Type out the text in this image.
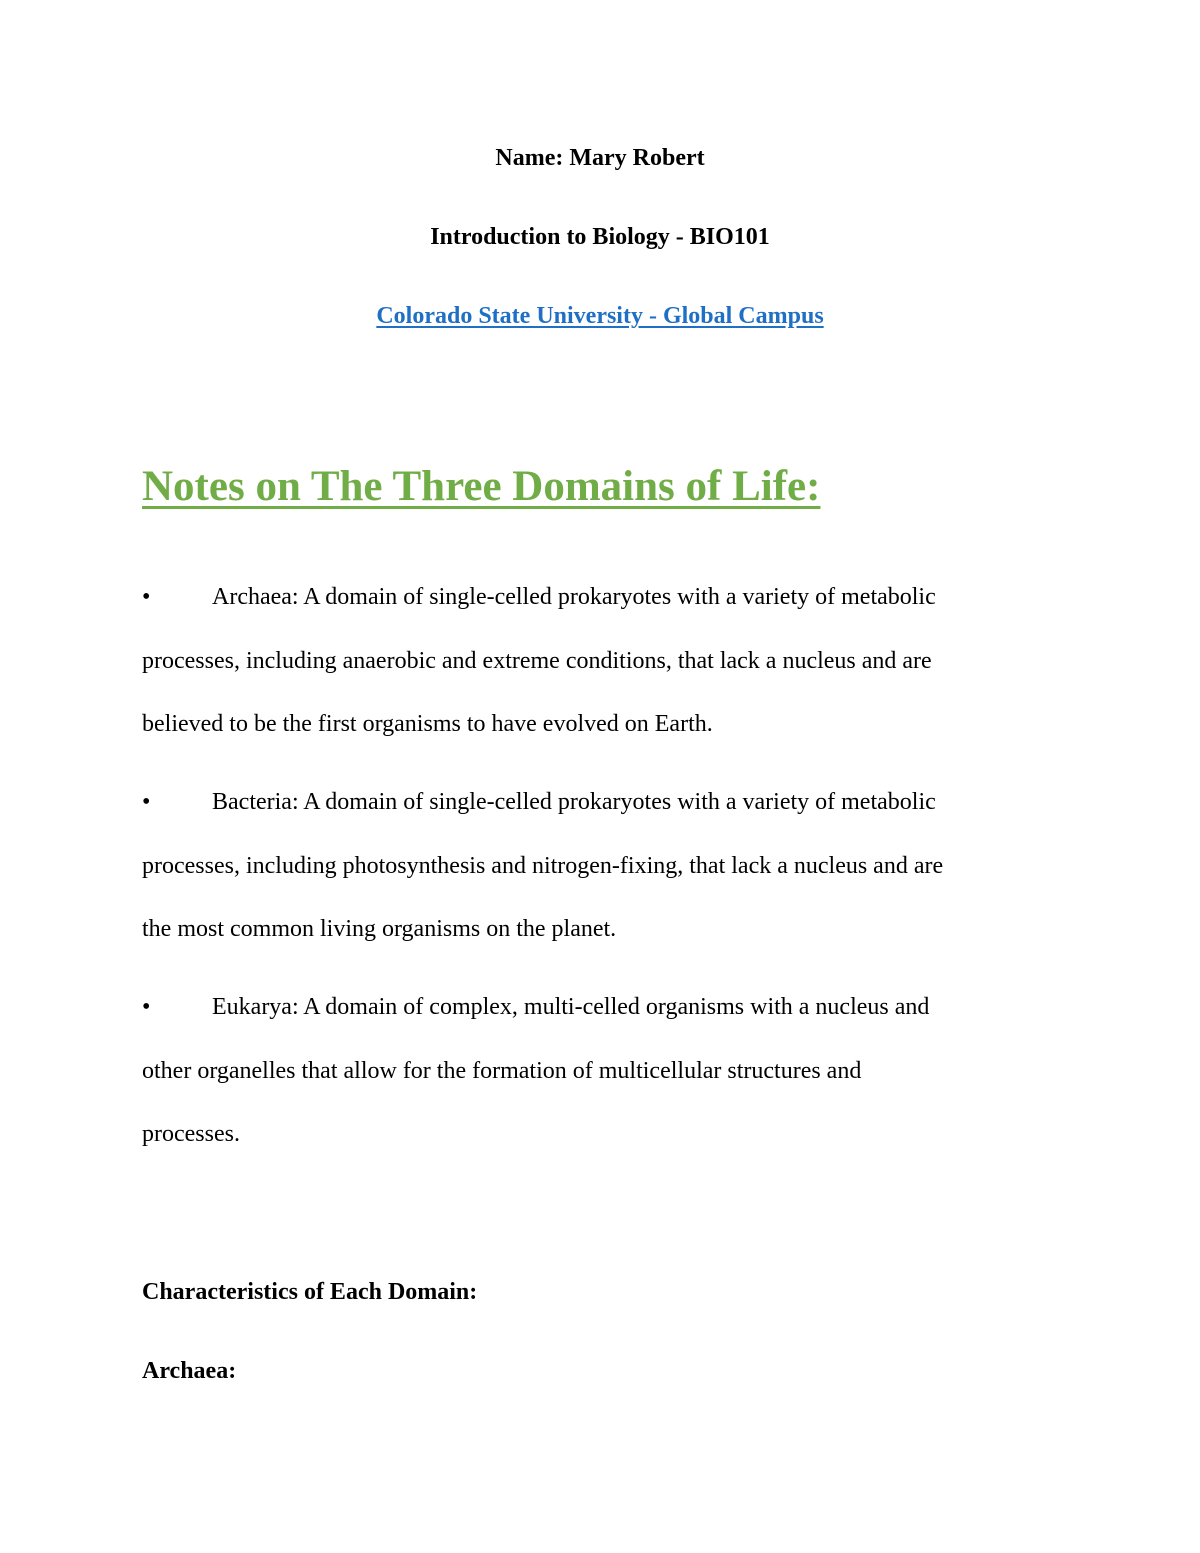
Name: Mary Robert
Introduction to Biology - BIO101
Colorado State University - Global Campus
Notes on The Three Domains of Life:
•	Archaea: A domain of single-celled prokaryotes with a variety of metabolic
processes, including anaerobic and extreme conditions, that lack a nucleus and are
believed to be the first organisms to have evolved on Earth.
•	Bacteria: A domain of single-celled prokaryotes with a variety of metabolic
processes, including photosynthesis and nitrogen-fixing, that lack a nucleus and are
the most common living organisms on the planet.
•	Eukarya: A domain of complex, multi-celled organisms with a nucleus and
other organelles that allow for the formation of multicellular structures and
processes.
Characteristics of Each Domain:
Archaea:
